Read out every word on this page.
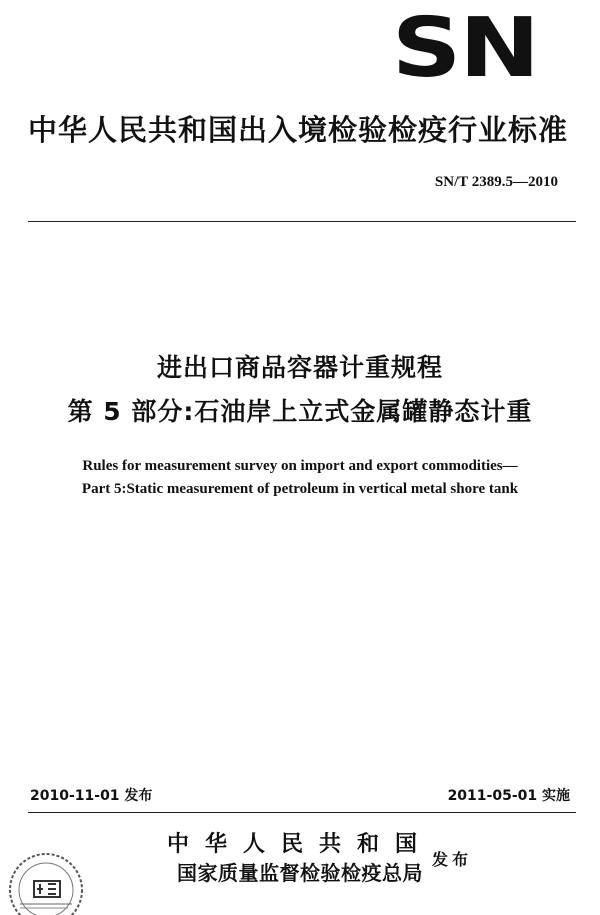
SN
中华人民共和国出入境检验检疫行业标准
SN/T 2389.5—2010
进出口商品容器计重规程
第 5 部分:石油岸上立式金属罐静态计重
Rules for measurement survey on import and export commodities—
Part 5:Static measurement of petroleum in vertical metal shore tank
2010-11-01 发布	2011-05-01 实施
中华人民共和国
国家质量监督检验检疫总局
发布
